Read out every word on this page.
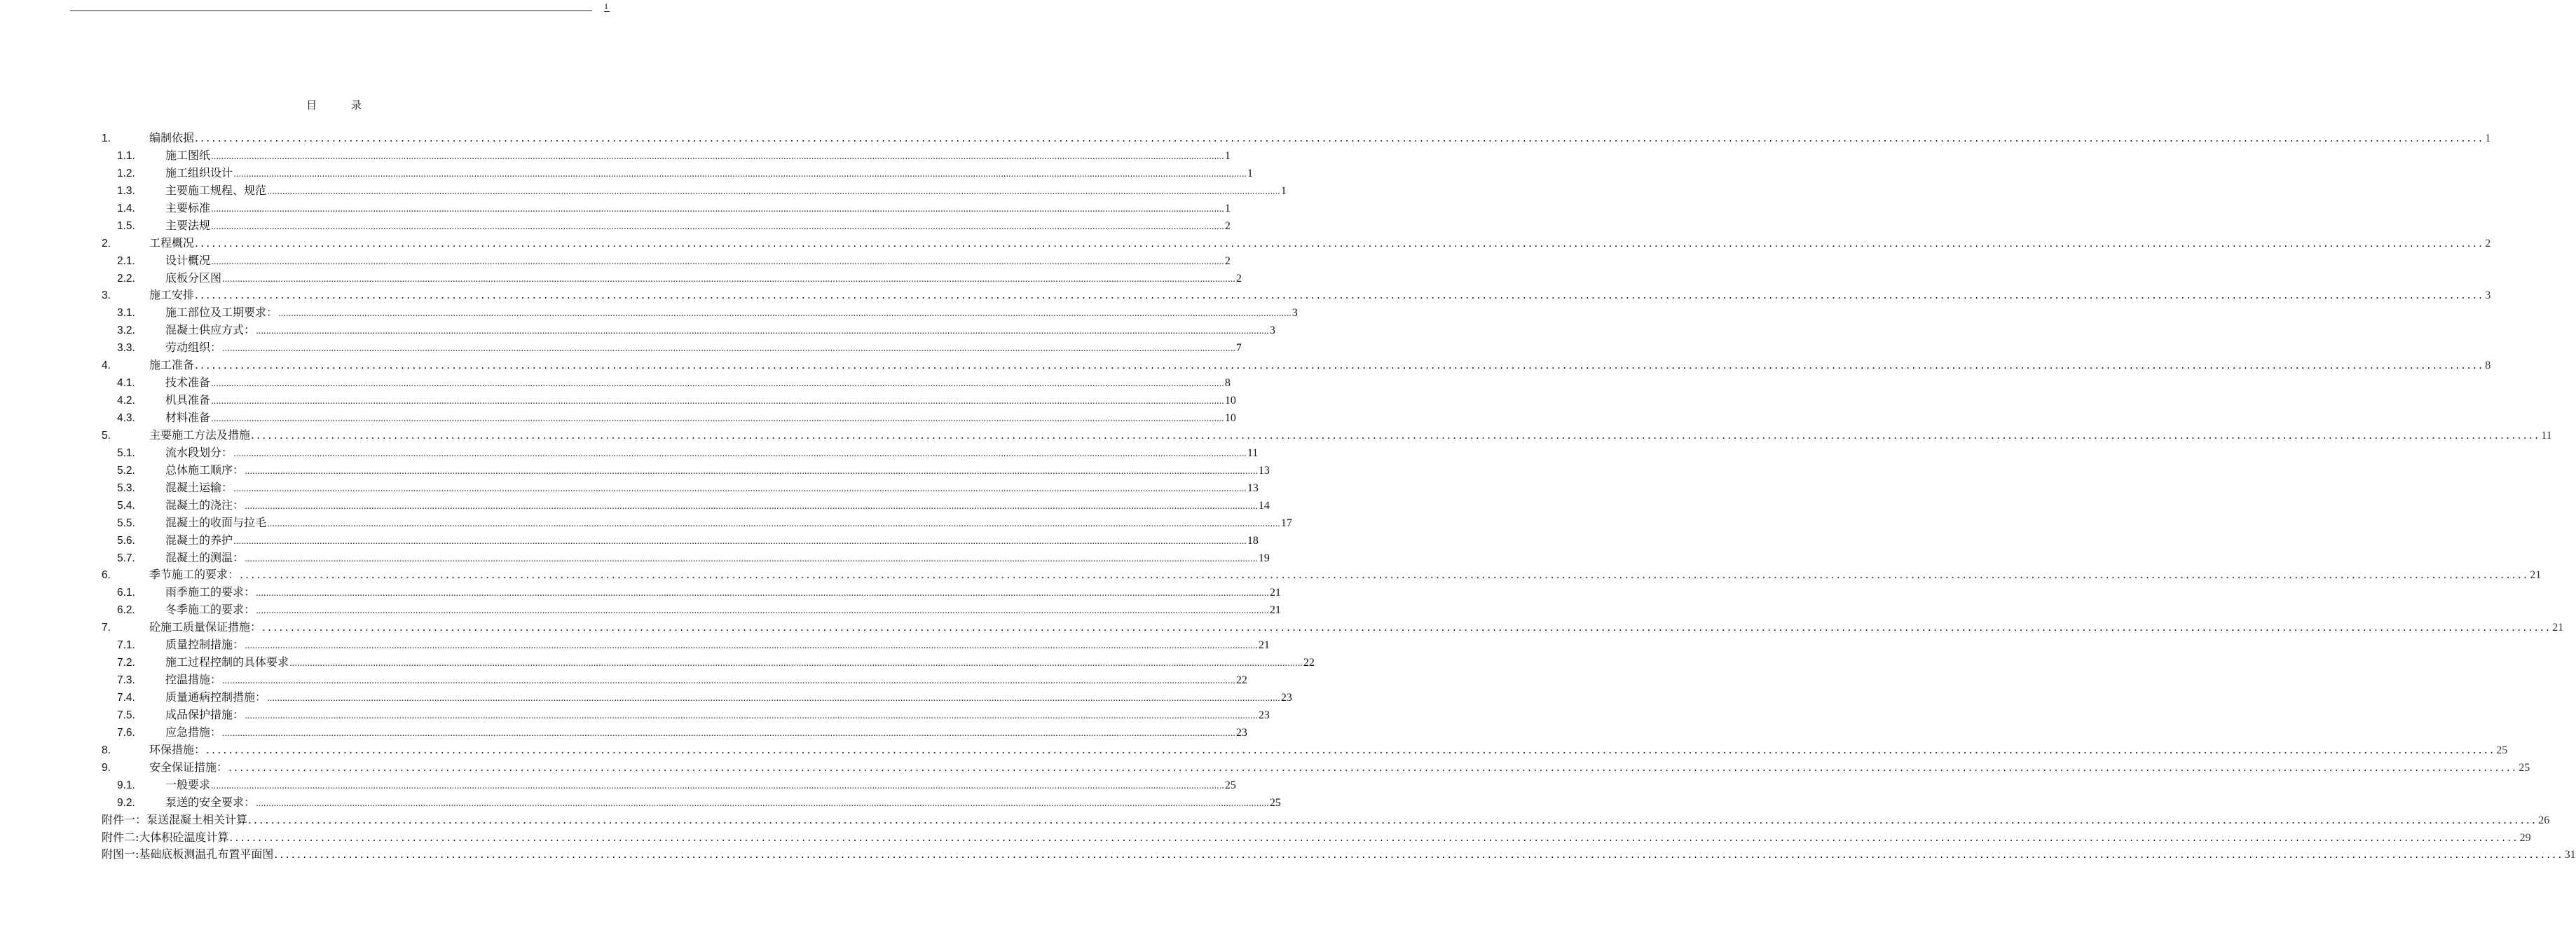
1
目 录
1.	编制依据 ................................................................................................................................................................................................................................................................................................................................................................................................................ 1
1.1.	施工图纸 ................................................................................................................................................................................................................................................................................................................................................................................................................ 1
1.2.	施工组织设计 ................................................................................................................................................................................................................................................................................................................................................................................................................ 1
1.3.	主要施工规程、规范 ................................................................................................................................................................................................................................................................................................................................................................................................................ 1
1.4.	主要标准 ................................................................................................................................................................................................................................................................................................................................................................................................................ 1
1.5.	主要法规 ................................................................................................................................................................................................................................................................................................................................................................................................................ 2
2.	工程概况 ................................................................................................................................................................................................................................................................................................................................................................................................................ 2
2.1.	设计概况 ................................................................................................................................................................................................................................................................................................................................................................................................................ 2
2.2.	底板分区图 ................................................................................................................................................................................................................................................................................................................................................................................................................ 2
3.	施工安排 ................................................................................................................................................................................................................................................................................................................................................................................................................ 3
3.1.	施工部位及工期要求： ................................................................................................................................................................................................................................................................................................................................................................................................................ 3
3.2.	混凝土供应方式： ................................................................................................................................................................................................................................................................................................................................................................................................................ 3
3.3.	劳动组织： ................................................................................................................................................................................................................................................................................................................................................................................................................ 7
4.	施工准备 ................................................................................................................................................................................................................................................................................................................................................................................................................ 8
4.1.	技术准备 ................................................................................................................................................................................................................................................................................................................................................................................................................ 8
4.2.	机具准备 ................................................................................................................................................................................................................................................................................................................................................................................................................ 10
4.3.	材料准备 ................................................................................................................................................................................................................................................................................................................................................................................................................ 10
5.	主要施工方法及措施 ................................................................................................................................................................................................................................................................................................................................................................................................................ 11
5.1.	流水段划分： ................................................................................................................................................................................................................................................................................................................................................................................................................ 11
5.2.	总体施工顺序： ................................................................................................................................................................................................................................................................................................................................................................................................................ 13
5.3.	混凝土运输： ................................................................................................................................................................................................................................................................................................................................................................................................................ 13
5.4.	混凝土的浇注： ................................................................................................................................................................................................................................................................................................................................................................................................................ 14
5.5.	混凝土的收面与拉毛 ................................................................................................................................................................................................................................................................................................................................................................................................................ 17
5.6.	混凝土的养护 ................................................................................................................................................................................................................................................................................................................................................................................................................ 18
5.7.	混凝土的测温： ................................................................................................................................................................................................................................................................................................................................................................................................................ 19
6.	季节施工的要求： ................................................................................................................................................................................................................................................................................................................................................................................................................ 21
6.1.	雨季施工的要求： ................................................................................................................................................................................................................................................................................................................................................................................................................ 21
6.2.	冬季施工的要求： ................................................................................................................................................................................................................................................................................................................................................................................................................ 21
7.	砼施工质量保证措施： ................................................................................................................................................................................................................................................................................................................................................................................................................ 21
7.1.	质量控制措施： ................................................................................................................................................................................................................................................................................................................................................................................................................ 21
7.2.	施工过程控制的具体要求 ................................................................................................................................................................................................................................................................................................................................................................................................................ 22
7.3.	控温措施： ................................................................................................................................................................................................................................................................................................................................................................................................................ 22
7.4.	质量通病控制措施： ................................................................................................................................................................................................................................................................................................................................................................................................................ 23
7.5.	成品保护措施： ................................................................................................................................................................................................................................................................................................................................................................................................................ 23
7.6.	应急措施： ................................................................................................................................................................................................................................................................................................................................................................................................................ 23
8.	环保措施： ................................................................................................................................................................................................................................................................................................................................................................................................................ 25
9.	安全保证措施： ................................................................................................................................................................................................................................................................................................................................................................................................................ 25
9.1.	一般要求 ................................................................................................................................................................................................................................................................................................................................................................................................................ 25
9.2.	泵送的安全要求： ................................................................................................................................................................................................................................................................................................................................................................................................................ 25
附件一：泵送混凝土相关计算 ................................................................................................................................................................................................................................................................................................................................................................................................................ 26
附件二:大体积砼温度计算 ................................................................................................................................................................................................................................................................................................................................................................................................................ 29
附图一:基础底板测温孔布置平面图 ................................................................................................................................................................................................................................................................................................................................................................................................................ 31
